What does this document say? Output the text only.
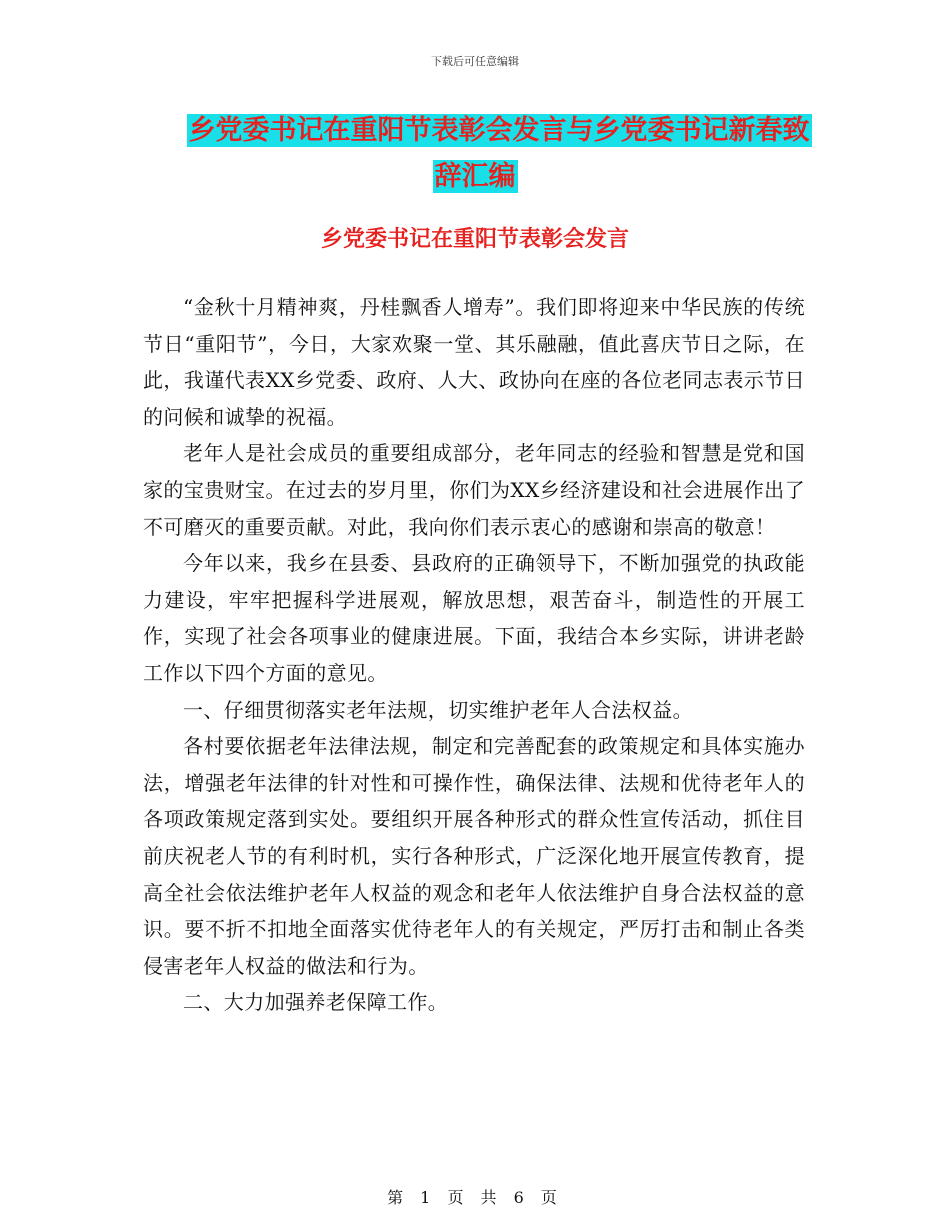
下载后可任意编辑
乡党委书记在重阳节表彰会发言与乡党委书记新春致
辞汇编
乡党委书记在重阳节表彰会发言

“金秋十月精神爽，丹桂飘香人增寿”。我们即将迎来中华民族的传统节日“重阳节”，今日，大家欢聚一堂、其乐融融，值此喜庆节日之际，在此，我谨代表XX乡党委、政府、人大、政协向在座的各位老同志表示节日的问候和诚挚的祝福。

老年人是社会成员的重要组成部分，老年同志的经验和智慧是党和国家的宝贵财宝。在过去的岁月里，你们为XX乡经济建设和社会进展作出了不可磨灭的重要贡献。对此，我向你们表示衷心的感谢和崇高的敬意！

今年以来，我乡在县委、县政府的正确领导下，不断加强党的执政能力建设，牢牢把握科学进展观，解放思想，艰苦奋斗，制造性的开展工作，实现了社会各项事业的健康进展。下面，我结合本乡实际，讲讲老龄工作以下四个方面的意见。

一、仔细贯彻落实老年法规，切实维护老年人合法权益。

各村要依据老年法律法规，制定和完善配套的政策规定和具体实施办法，增强老年法律的针对性和可操作性，确保法律、法规和优待老年人的各项政策规定落到实处。要组织开展各种形式的群众性宣传活动，抓住目前庆祝老人节的有利时机，实行各种形式，广泛深化地开展宣传教育，提高全社会依法维护老年人权益的观念和老年人依法维护自身合法权益的意识。要不折不扣地全面落实优待老年人的有关规定，严厉打击和制止各类侵害老年人权益的做法和行为。

二、大力加强养老保障工作。

第 1 页 共 6 页
